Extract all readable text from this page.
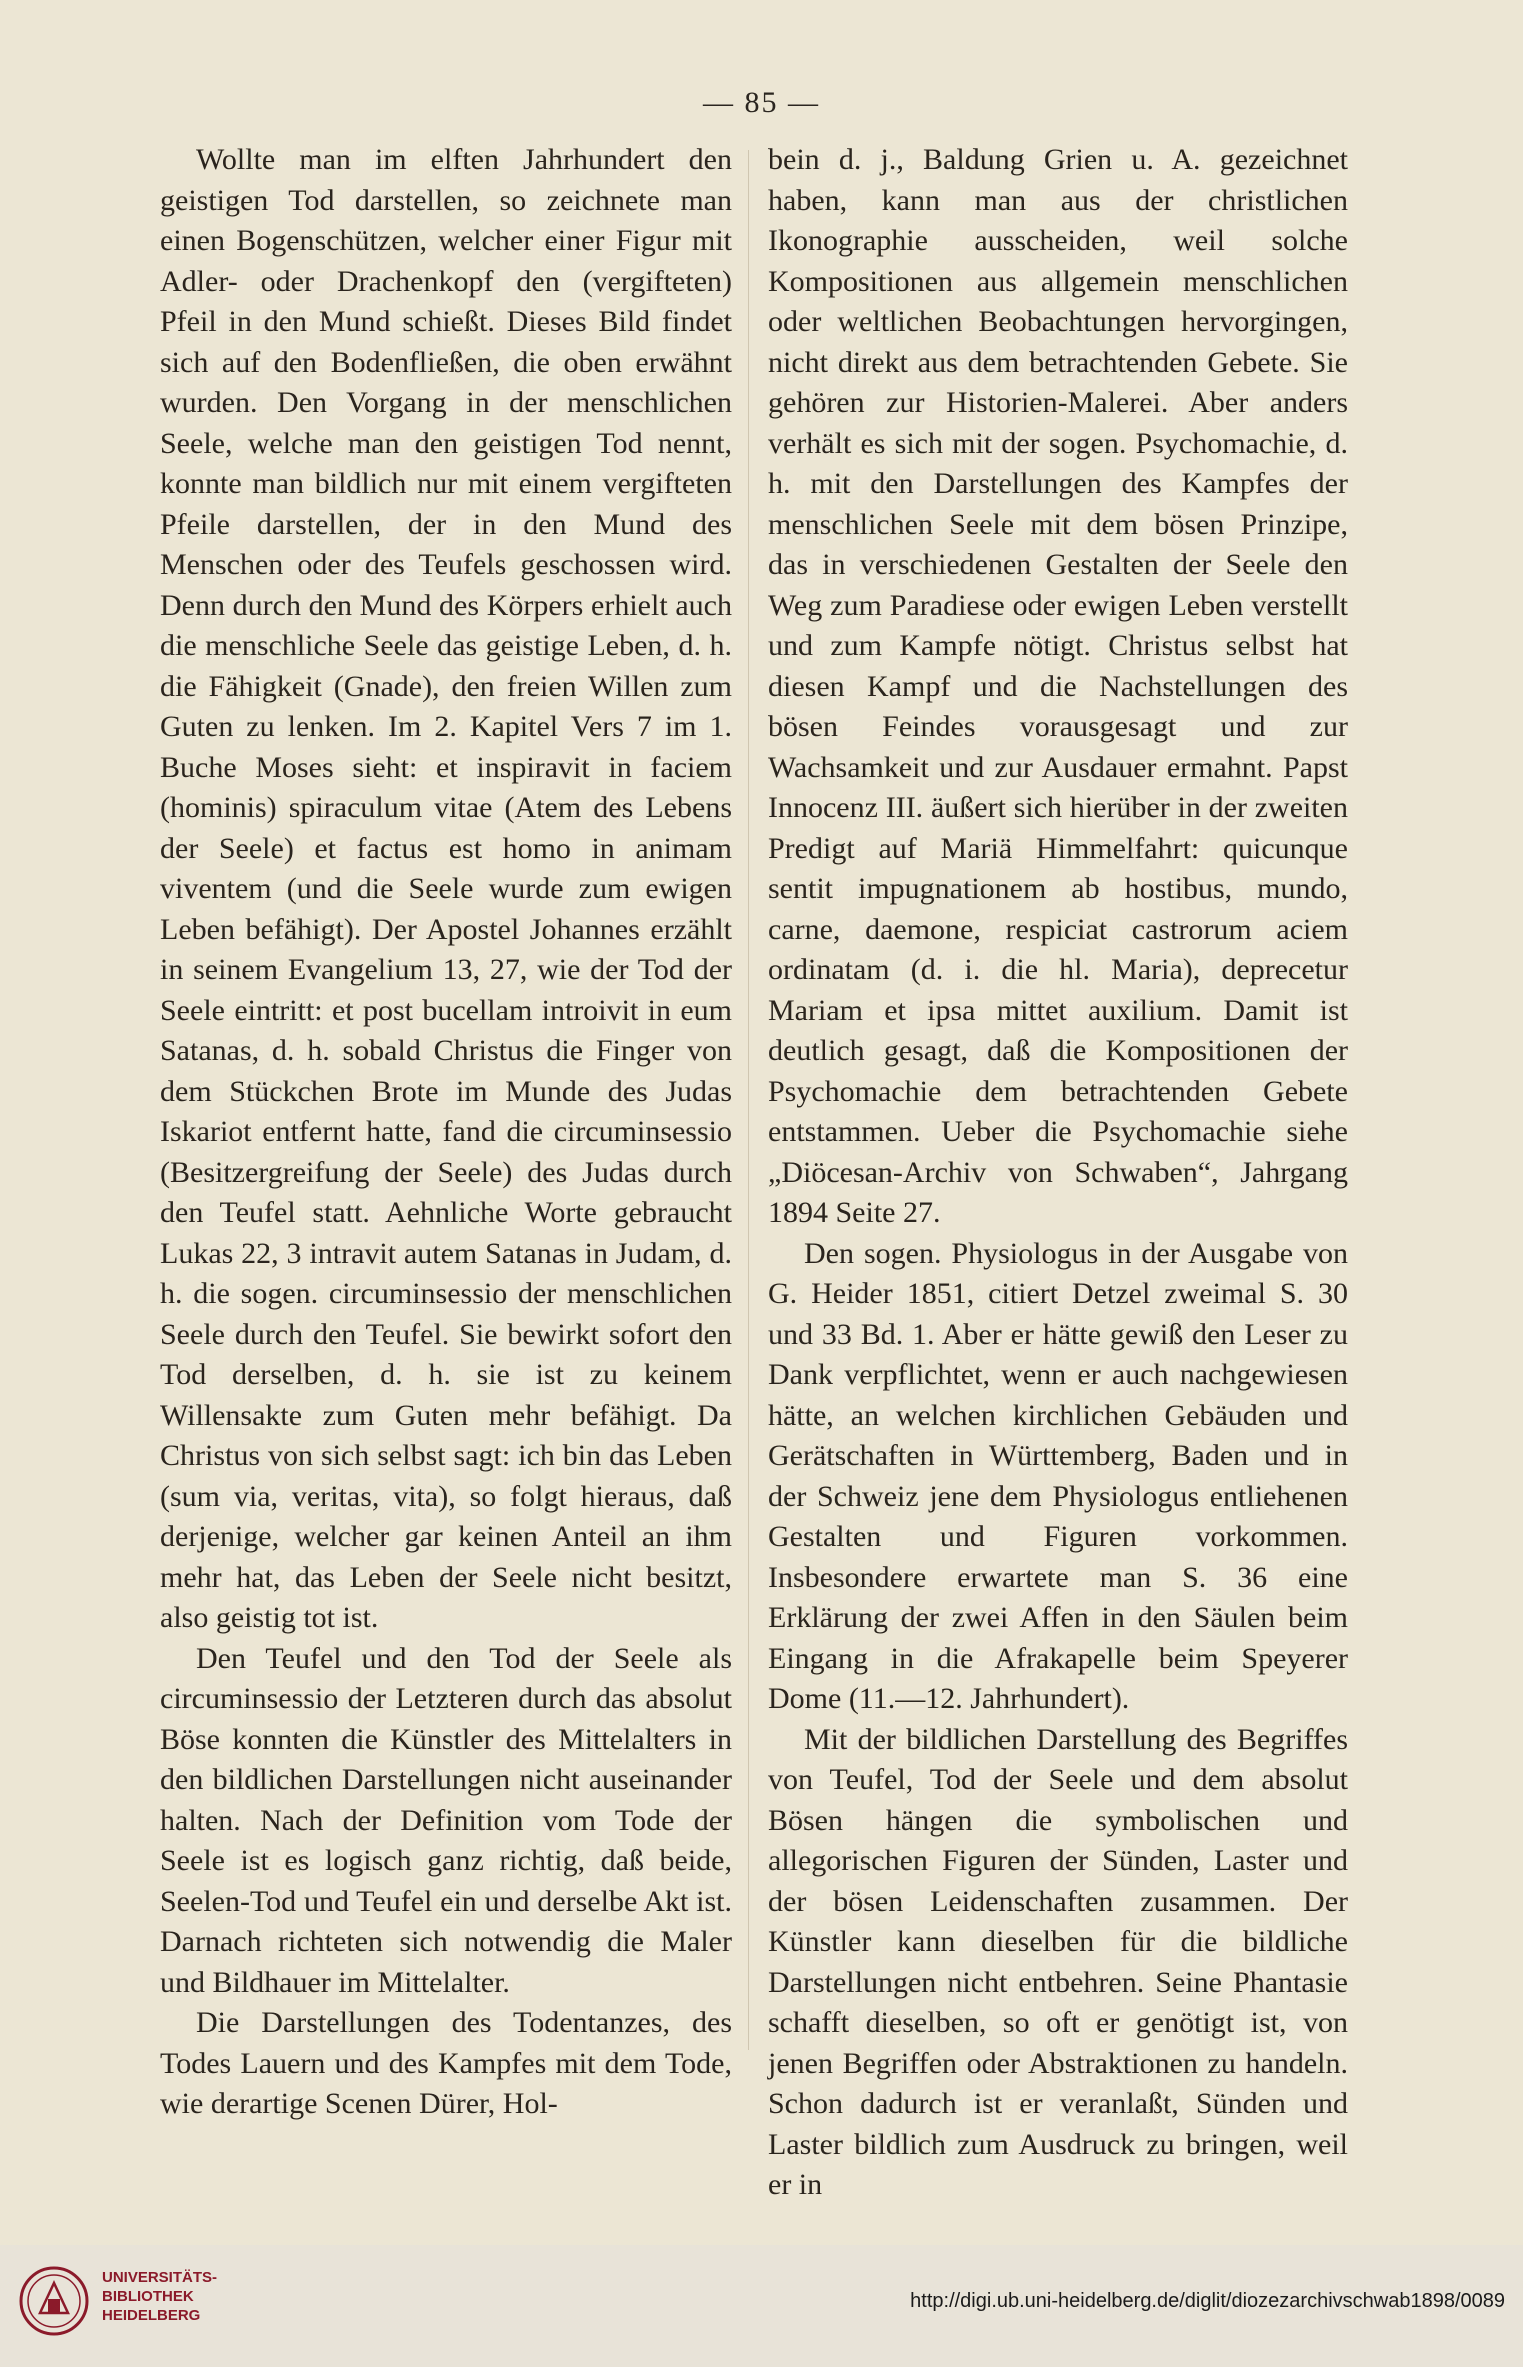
— 85 —

Wollte man im elften Jahrhundert den geistigen Tod darstellen, so zeichnete man einen Bogenschützen, welcher einer Figur mit Adler- oder Drachenkopf den (vergifteten) Pfeil in den Mund schießt. Dieses Bild findet sich auf den Bodenfließen, die oben erwähnt wurden. Den Vorgang in der menschlichen Seele, welche man den geistigen Tod nennt, konnte man bildlich nur mit einem vergifteten Pfeile darstellen, der in den Mund des Menschen oder des Teufels geschossen wird. Denn durch den Mund des Körpers erhielt auch die menschliche Seele das geistige Leben, d. h. die Fähigkeit (Gnade), den freien Willen zum Guten zu lenken. Im 2. Kapitel Vers 7 im 1. Buche Moses sieht: et inspiravit in faciem (hominis) spiraculum vitae (Atem des Lebens der Seele) et factus est homo in animam viventem (und die Seele wurde zum ewigen Leben befähigt). Der Apostel Johannes erzählt in seinem Evangelium 13, 27, wie der Tod der Seele eintritt: et post bucellam introivit in eum Satanas, d. h. sobald Christus die Finger von dem Stückchen Brote im Munde des Judas Iskariot entfernt hatte, fand die circuminsessio (Besitzergreifung der Seele) des Judas durch den Teufel statt. Aehnliche Worte gebraucht Lukas 22, 3 intravit autem Satanas in Judam, d. h. die sogen. circuminsessio der menschlichen Seele durch den Teufel. Sie bewirkt sofort den Tod derselben, d. h. sie ist zu keinem Willensakte zum Guten mehr befähigt. Da Christus von sich selbst sagt: ich bin das Leben (sum via, veritas, vita), so folgt hieraus, daß derjenige, welcher gar keinen Anteil an ihm mehr hat, das Leben der Seele nicht besitzt, also geistig tot ist.

Den Teufel und den Tod der Seele als circuminsessio der Letzteren durch das absolut Böse konnten die Künstler des Mittelalters in den bildlichen Darstellungen nicht auseinander halten. Nach der Definition vom Tode der Seele ist es logisch ganz richtig, daß beide, Seelen-Tod und Teufel ein und derselbe Akt ist. Darnach richteten sich notwendig die Maler und Bildhauer im Mittelalter.

Die Darstellungen des Todentanzes, des Todes Lauern und des Kampfes mit dem Tode, wie derartige Scenen Dürer, Hol-

bein d. j., Baldung Grien u. A. gezeichnet haben, kann man aus der christlichen Ikonographie ausscheiden, weil solche Kompositionen aus allgemein menschlichen oder weltlichen Beobachtungen hervorgingen, nicht direkt aus dem betrachtenden Gebete. Sie gehören zur Historien-Malerei. Aber anders verhält es sich mit der sogen. Psychomachie, d. h. mit den Darstellungen des Kampfes der menschlichen Seele mit dem bösen Prinzipe, das in verschiedenen Gestalten der Seele den Weg zum Paradiese oder ewigen Leben verstellt und zum Kampfe nötigt. Christus selbst hat diesen Kampf und die Nachstellungen des bösen Feindes vorausgesagt und zur Wachsamkeit und zur Ausdauer ermahnt. Papst Innocenz III. äußert sich hierüber in der zweiten Predigt auf Mariä Himmelfahrt: quicunque sentit impugnationem ab hostibus, mundo, carne, daemone, respiciat castrorum aciem ordinatam (d. i. die hl. Maria), deprecetur Mariam et ipsa mittet auxilium. Damit ist deutlich gesagt, daß die Kompositionen der Psychomachie dem betrachtenden Gebete entstammen. Ueber die Psychomachie siehe „Diöcesan-Archiv von Schwaben“, Jahrgang 1894 Seite 27.

Den sogen. Physiologus in der Ausgabe von G. Heider 1851, citiert Detzel zweimal S. 30 und 33 Bd. 1. Aber er hätte gewiß den Leser zu Dank verpflichtet, wenn er auch nachgewiesen hätte, an welchen kirchlichen Gebäuden und Gerätschaften in Württemberg, Baden und in der Schweiz jene dem Physiologus entliehenen Gestalten und Figuren vorkommen. Insbesondere erwartete man S. 36 eine Erklärung der zwei Affen in den Säulen beim Eingang in die Afrakapelle beim Speyerer Dome (11.—12. Jahrhundert).

Mit der bildlichen Darstellung des Begriffes von Teufel, Tod der Seele und dem absolut Bösen hängen die symbolischen und allegorischen Figuren der Sünden, Laster und der bösen Leidenschaften zusammen. Der Künstler kann dieselben für die bildliche Darstellungen nicht entbehren. Seine Phantasie schafft dieselben, so oft er genötigt ist, von jenen Begriffen oder Abstraktionen zu handeln. Schon dadurch ist er veranlaßt, Sünden und Laster bildlich zum Ausdruck zu bringen, weil er in

UNIVERSITÄTS-
BIBLIOTHEK
HEIDELBERG
http://digi.ub.uni-heidelberg.de/diglit/diozezarchivschwab1898/0089
